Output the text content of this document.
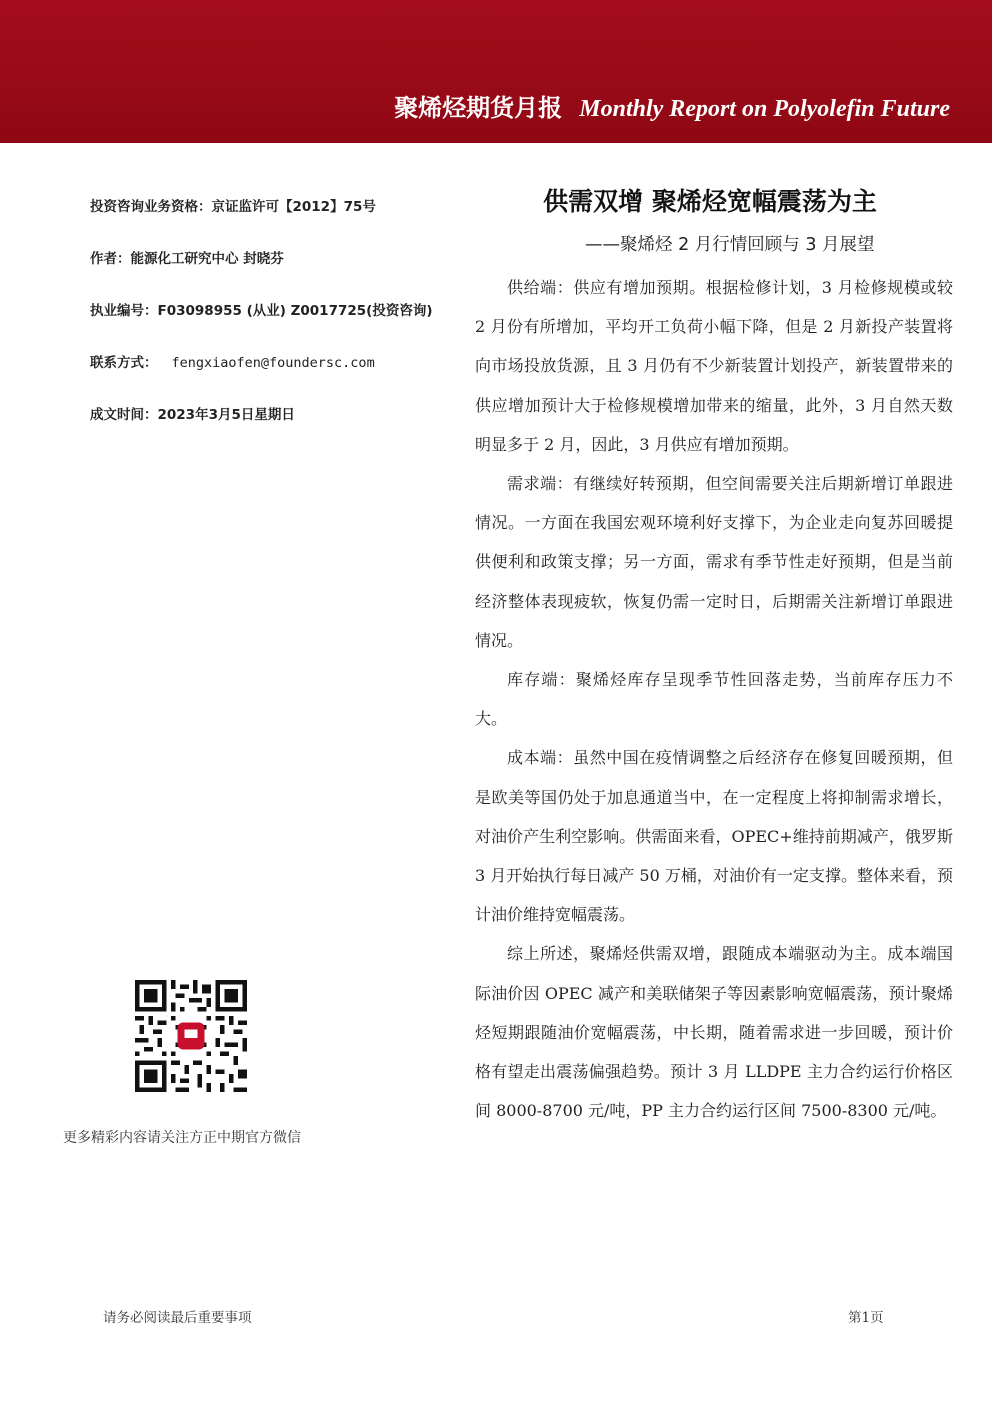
聚烯烃期货月报 Monthly Report on Polyolefin Future
投资咨询业务资格：京证监许可【2012】75号
作者：能源化工研究中心 封晓芬
执业编号：F03098955 (从业) Z0017725(投资咨询)
联系方式： fengxiaofen@foundersc.com
成文时间：2023年3月5日星期日
更多精彩内容请关注方正中期官方微信
供需双增 聚烯烃宽幅震荡为主
——聚烯烃 2 月行情回顾与 3 月展望

供给端：供应有增加预期。根据检修计划，3 月检修规模或较 2 月份有所增加，平均开工负荷小幅下降，但是 2 月新投产装置将向市场投放货源，且 3 月仍有不少新装置计划投产，新装置带来的供应增加预计大于检修规模增加带来的缩量，此外，3 月自然天数明显多于 2 月，因此，3 月供应有增加预期。

需求端：有继续好转预期，但空间需要关注后期新增订单跟进情况。一方面在我国宏观环境利好支撑下，为企业走向复苏回暖提供便利和政策支撑；另一方面，需求有季节性走好预期，但是当前经济整体表现疲软，恢复仍需一定时日，后期需关注新增订单跟进情况。

库存端：聚烯烃库存呈现季节性回落走势，当前库存压力不大。

成本端：虽然中国在疫情调整之后经济存在修复回暖预期，但是欧美等国仍处于加息通道当中，在一定程度上将抑制需求增长，对油价产生利空影响。供需面来看，OPEC+维持前期减产，俄罗斯 3 月开始执行每日减产 50 万桶，对油价有一定支撑。整体来看，预计油价维持宽幅震荡。

综上所述，聚烯烃供需双增，跟随成本端驱动为主。成本端国际油价因 OPEC 减产和美联储架子等因素影响宽幅震荡，预计聚烯烃短期跟随油价宽幅震荡，中长期，随着需求进一步回暖，预计价格有望走出震荡偏强趋势。预计 3 月 LLDPE 主力合约运行价格区间 8000-8700 元/吨，PP 主力合约运行区间 7500-8300 元/吨。

请务必阅读最后重要事项	第1页
